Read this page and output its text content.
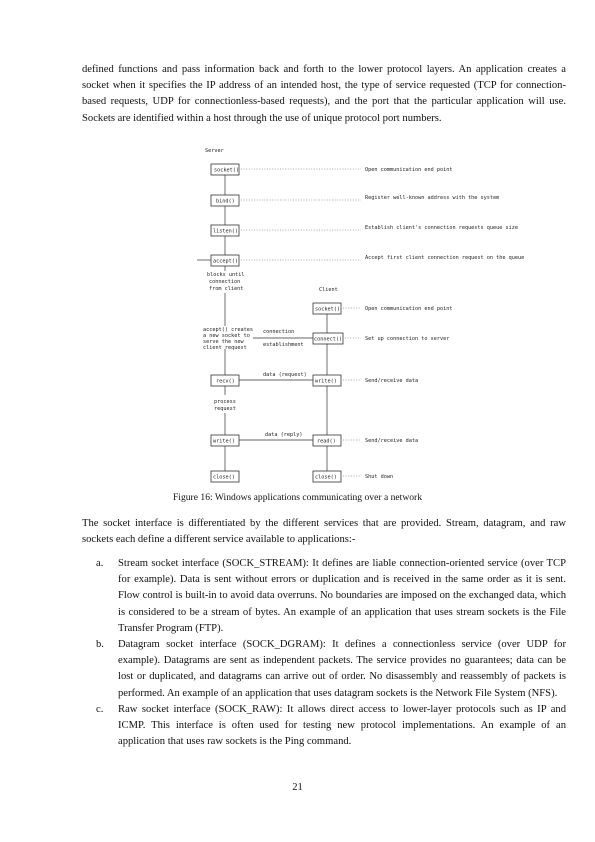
defined functions and pass information back and forth to the lower protocol layers. An application creates a socket when it specifies the IP address of an intended host, the type of service requested (TCP for connection-based requests, UDP for connectionless-based requests), and the port that the particular application will use. Sockets are identified within a host through the use of unique protocol port numbers.

Server
socket()
bind()
listen()
accept()
recv()
write()
close()
blocks until
connection
from client
accept() creates
a new socket to
serve the new
client request
process
request
Client
socket()
connect()
write()
read()
close()
connection
establishment
data (request)
data (reply)
Open communication end point
Register well-known address with the system
Establish client's connection requests queue size
Accept first client connection request on the queue
Open communication end point
Set up connection to server
Send/receive data
Send/receive data
Shut down

Figure 16: Windows applications communicating over a network

The socket interface is differentiated by the different services that are provided. Stream, datagram, and raw sockets each define a different service available to applications:-

a. Stream socket interface (SOCK_STREAM): It defines are liable connection-oriented service (over TCP for example). Data is sent without errors or duplication and is received in the same order as it is sent. Flow control is built-in to avoid data overruns. No boundaries are imposed on the exchanged data, which is considered to be a stream of bytes. An example of an application that uses stream sockets is the File Transfer Program (FTP).
b. Datagram socket interface (SOCK_DGRAM): It defines a connectionless service (over UDP for example). Datagrams are sent as independent packets. The service provides no guarantees; data can be lost or duplicated, and datagrams can arrive out of order. No disassembly and reassembly of packets is performed. An example of an application that uses datagram sockets is the Network File System (NFS).
c. Raw socket interface (SOCK_RAW): It allows direct access to lower-layer protocols such as IP and ICMP. This interface is often used for testing new protocol implementations. An example of an application that uses raw sockets is the Ping command.
21
